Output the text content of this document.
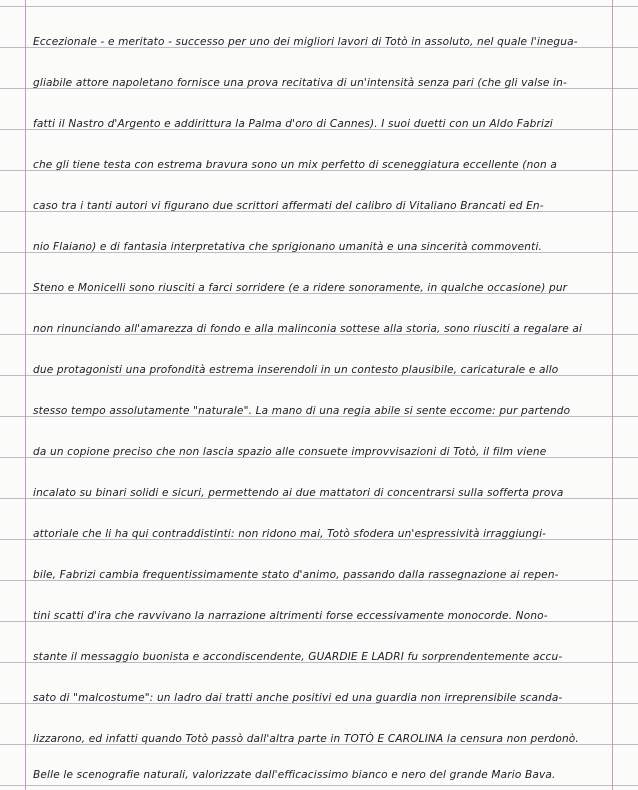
Eccezionale - e meritato - successo per uno dei migliori lavori di Totò in assoluto, nel quale l'inegua-
gliabile attore napoletano fornisce una prova recitativa di un'intensità senza pari (che gli valse in-
fatti il Nastro d'Argento e addirittura la Palma d'oro di Cannes). I suoi duetti con un Aldo Fabrizi
che gli tiene testa con estrema bravura sono un mix perfetto di sceneggiatura eccellente (non a
caso tra i tanti autori vi figurano due scrittori affermati del calibro di Vitaliano Brancati ed En-
nio Flaiano) e di fantasia interpretativa che sprigionano umanità e una sincerità commoventi.
Steno e Monicelli sono riusciti a farci sorridere (e a ridere sonoramente, in qualche occasione) pur
non rinunciando all'amarezza di fondo e alla malinconia sottese alla storia, sono riusciti a regalare ai
due protagonisti una profondità estrema inserendoli in un contesto plausibile, caricaturale e allo
stesso tempo assolutamente "naturale". La mano di una regia abile si sente eccome: pur partendo
da un copione preciso che non lascia spazio alle consuete improvvisazioni di Totò, il film viene
incalato su binari solidi e sicuri, permettendo ai due mattatori di concentrarsi sulla sofferta prova
attoriale che li ha qui contraddistinti: non ridono mai, Totò sfodera un'espressività irraggiungi-
bile, Fabrizi cambia frequentissimamente stato d'animo, passando dalla rassegnazione ai repen-
tini scatti d'ira che ravvivano la narrazione altrimenti forse eccessivamente monocorde. Nono-
stante il messaggio buonista e accondiscendente, GUARDIE E LADRI fu sorprendentemente accu-
sato di "malcostume": un ladro dai tratti anche positivi ed una guardia non irreprensibile scanda-
lizzarono, ed infatti quando Totò passò dall'altra parte in TOTÒ E CAROLINA la censura non perdonò.
Belle le scenografie naturali, valorizzate dall'efficacissimo bianco e nero del grande Mario Bava.
